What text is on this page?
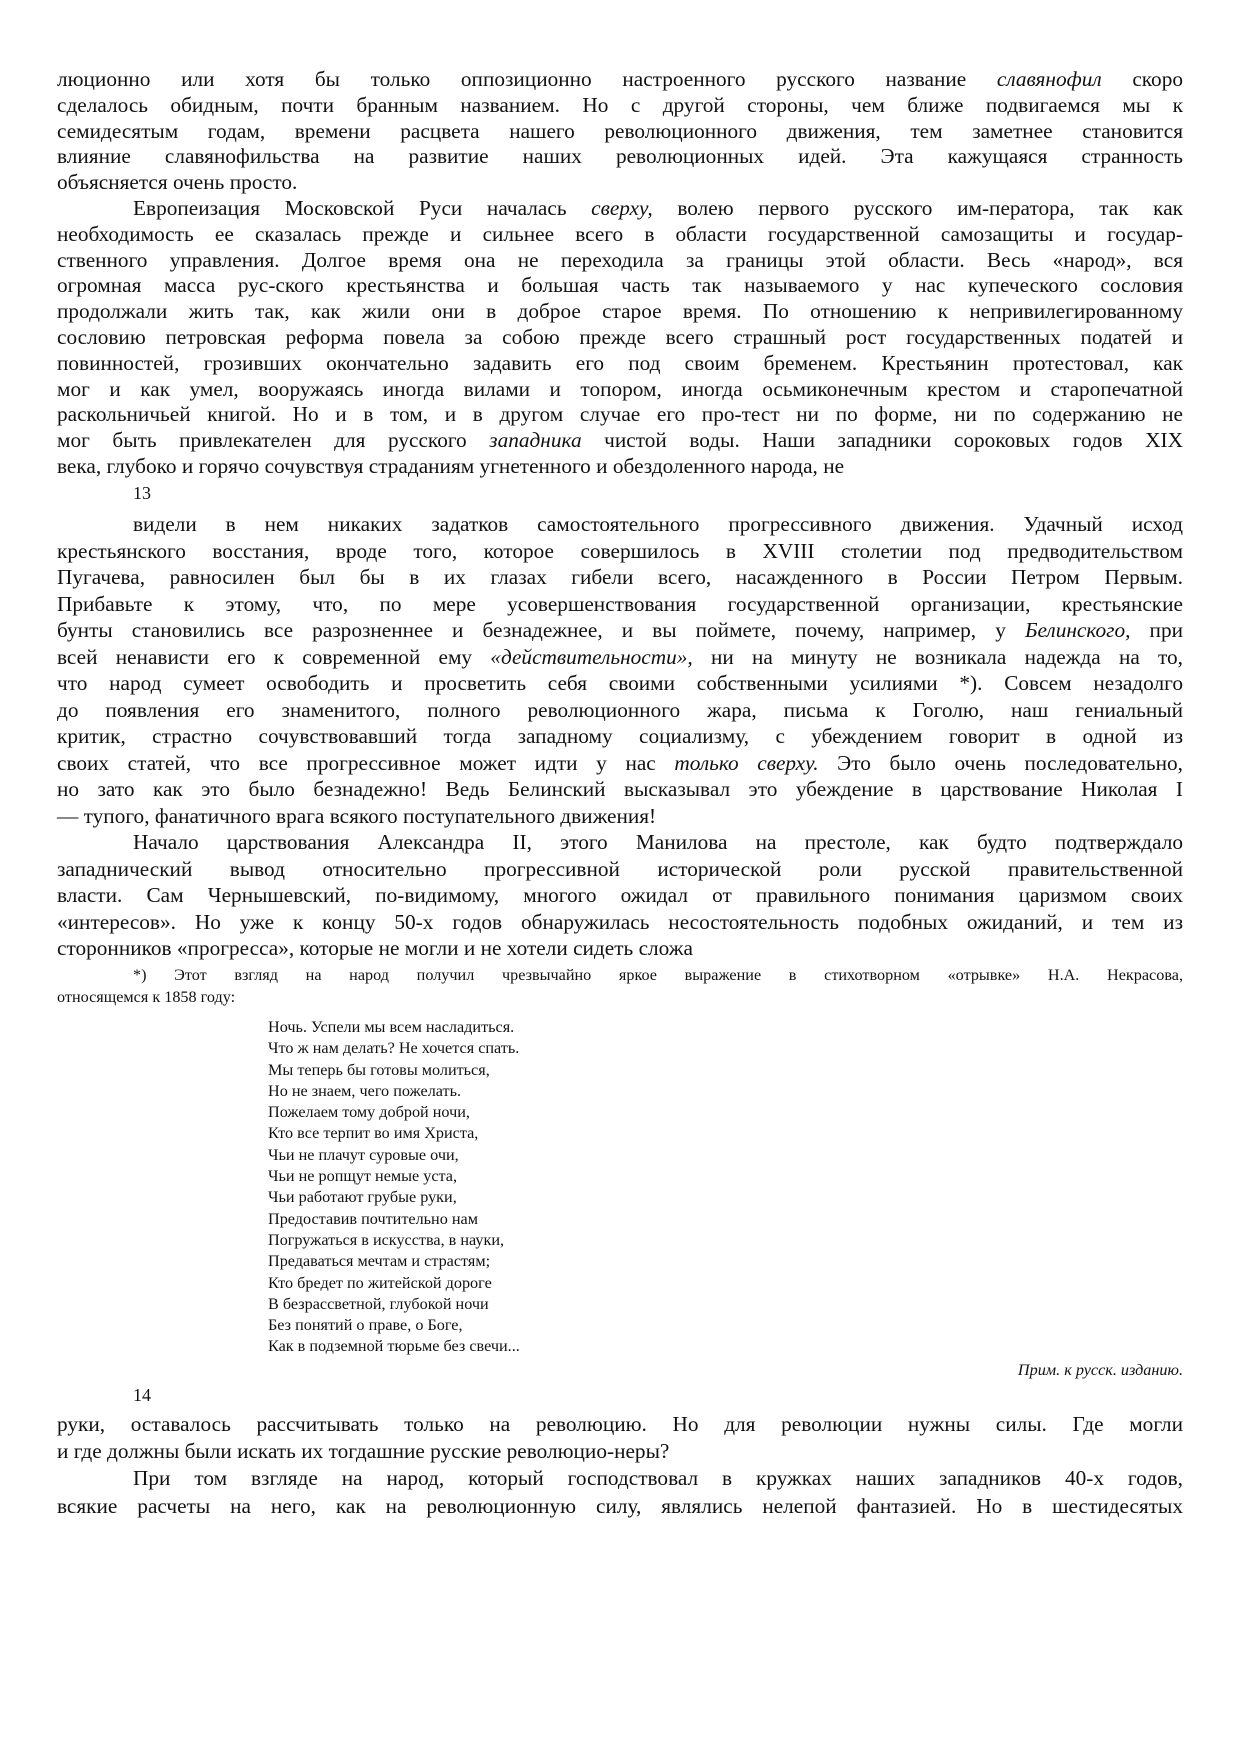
люционно или хотя бы только оппозиционно настроенного русского название славянофил скоро
сделалось обидным, почти бранным названием. Но с другой стороны, чем ближе подвигаемся мы к
семидесятым годам, времени расцвета нашего революционного движения, тем заметнее становится
влияние славянофильства на развитие наших революционных идей. Эта кажущаяся странность
объясняется очень просто.
Европеизация Московской Руси началась сверху, волею первого русского им-ператора, так как
необходимость ее сказалась прежде и сильнее всего в области государственной самозащиты и государ-
ственного управления. Долгое время она не переходила за границы этой области. Весь «народ», вся
огромная масса рус-ского крестьянства и большая часть так называемого у нас купеческого сословия
продолжали жить так, как жили они в доброе старое время. По отношению к непривилегированному
сословию петровская реформа повела за собою прежде всего страшный рост государственных податей и
повинностей, грозивших окончательно задавить его под своим бременем. Крестьянин протестовал, как
мог и как умел, вооружаясь иногда вилами и топором, иногда осьмиконечным крестом и старопечатной
раскольничьей книгой. Но и в том, и в другом случае его про-тест ни по форме, ни по содержанию не
мог быть привлекателен для русского западника чистой воды. Наши западники сороковых годов XIX
века, глубоко и горячо сочувствуя страданиям угнетенного и обездоленного народа, не
13
видели в нем никаких задатков самостоятельного прогрессивного движения. Удачный исход
крестьянского восстания, вроде того, которое совершилось в XVIII столетии под предводительством
Пугачева, равносилен был бы в их глазах гибели всего, насажденного в России Петром Первым.
Прибавьте к этому, что, по мере усовершенствования государственной организации, крестьянские
бунты становились все разрозненнее и безнадежнее, и вы поймете, почему, например, у Белинского, при
всей ненависти его к современной ему «действительности», ни на минуту не возникала надежда на то,
что народ сумеет освободить и просветить себя своими собственными усилиями *). Совсем незадолго
до появления его знаменитого, полного революционного жара, письма к Гоголю, наш гениальный
критик, страстно сочувствовавший тогда западному социализму, с убеждением говорит в одной из
своих статей, что все прогрессивное может идти у нас только сверху. Это было очень последовательно,
но зато как это было безнадежно! Ведь Белинский высказывал это убеждение в царствование Николая I
— тупого, фанатичного врага всякого поступательного движения!
Начало царствования Александра II, этого Манилова на престоле, как будто подтверждало
западнический вывод относительно прогрессивной исторической роли русской правительственной
власти. Сам Чернышевский, по-видимому, многого ожидал от правильного понимания царизмом своих
«интересов». Но уже к концу 50-х годов обнаружилась несостоятельность подобных ожиданий, и тем из
сторонников «прогресса», которые не могли и не хотели сидеть сложа
*) Этот взгляд на народ получил чрезвычайно яркое выражение в стихотворном «отрывке» Н.А. Некрасова,
относящемся к 1858 году:
Ночь. Успели мы всем насладиться.
Что ж нам делать? Не хочется спать.
Мы теперь бы готовы молиться,
Но не знаем, чего пожелать.
Пожелаем тому доброй ночи,
Кто все терпит во имя Христа,
Чьи не плачут суровые очи,
Чьи не ропщут немые уста,
Чьи работают грубые руки,
Предоставив почтительно нам
Погружаться в искусства, в науки,
Предаваться мечтам и страстям;
Кто бредет по житейской дороге
В безрассветной, глубокой ночи
Без понятий о праве, о Боге,
Как в подземной тюрьме без свечи...
Прим. к русск. изданию.
14
руки, оставалось рассчитывать только на революцию. Но для революции нужны силы. Где могли
и где должны были искать их тогдашние русские революцио-неры?
При том взгляде на народ, который господствовал в кружках наших западников 40-х годов,
всякие расчеты на него, как на революционную силу, являлись нелепой фантазией. Но в шестидесятых
